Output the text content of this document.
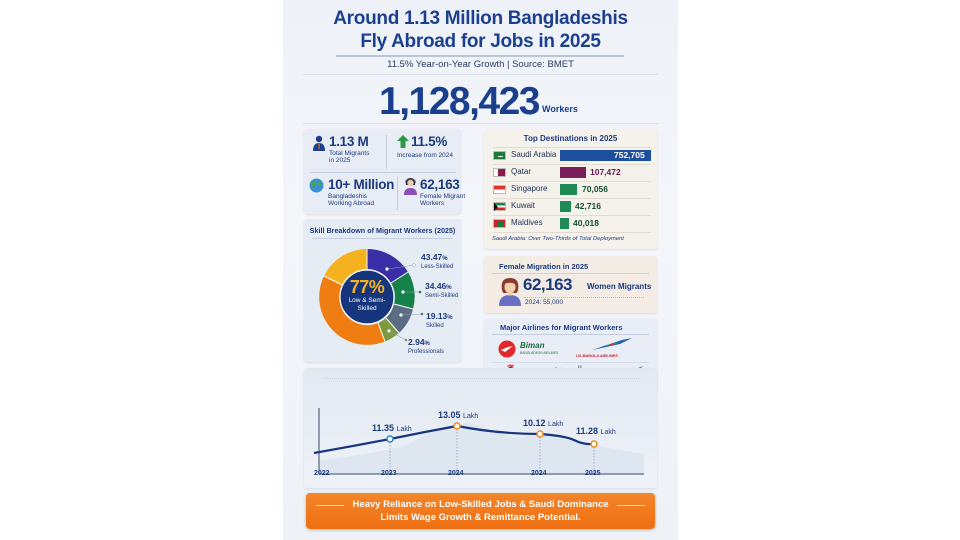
Around 1.13 Million Bangladeshis
Fly Abroad for Jobs in 2025
11.5% Year-on-Year Growth | Source: BMET
1,128,423 Workers
1.13 M
Total Migrants
in 2025
11.5%
Increase from 2024
10+ Million
Bangladeshis
Working Abroad
62,163
Female Migrant
Workers
Top Destinations in 2025
Saudi Arabia	752,705
Qatar	107,472
Singapore	70,056
Kuwait	42,716
Maldives	40,018
Saudi Arabia: Over Two-Thirds of Total Deployment
Skill Breakdown of Migrant Workers (2025)
77%
Low & Semi-
Skilled
43.47%
Less-Skilled
34.46%
Semi-Skilled
19.13%
Skilled
2.94%
Professionals
Female Migration in 2025
62,163 Women Migrants
2024: 55,000
Major Airlines for Migrant Workers
Biman
BANGLADESH AIRLINES	US-BANGLA AIRLINES
11.35 Lakh
13.05 Lakh
10.12 Lakh
11.28 Lakh
2022	2023	2024	2024	2025
Heavy Reliance on Low-Skilled Jobs & Saudi Dominance
Limits Wage Growth & Remittance Potential.
